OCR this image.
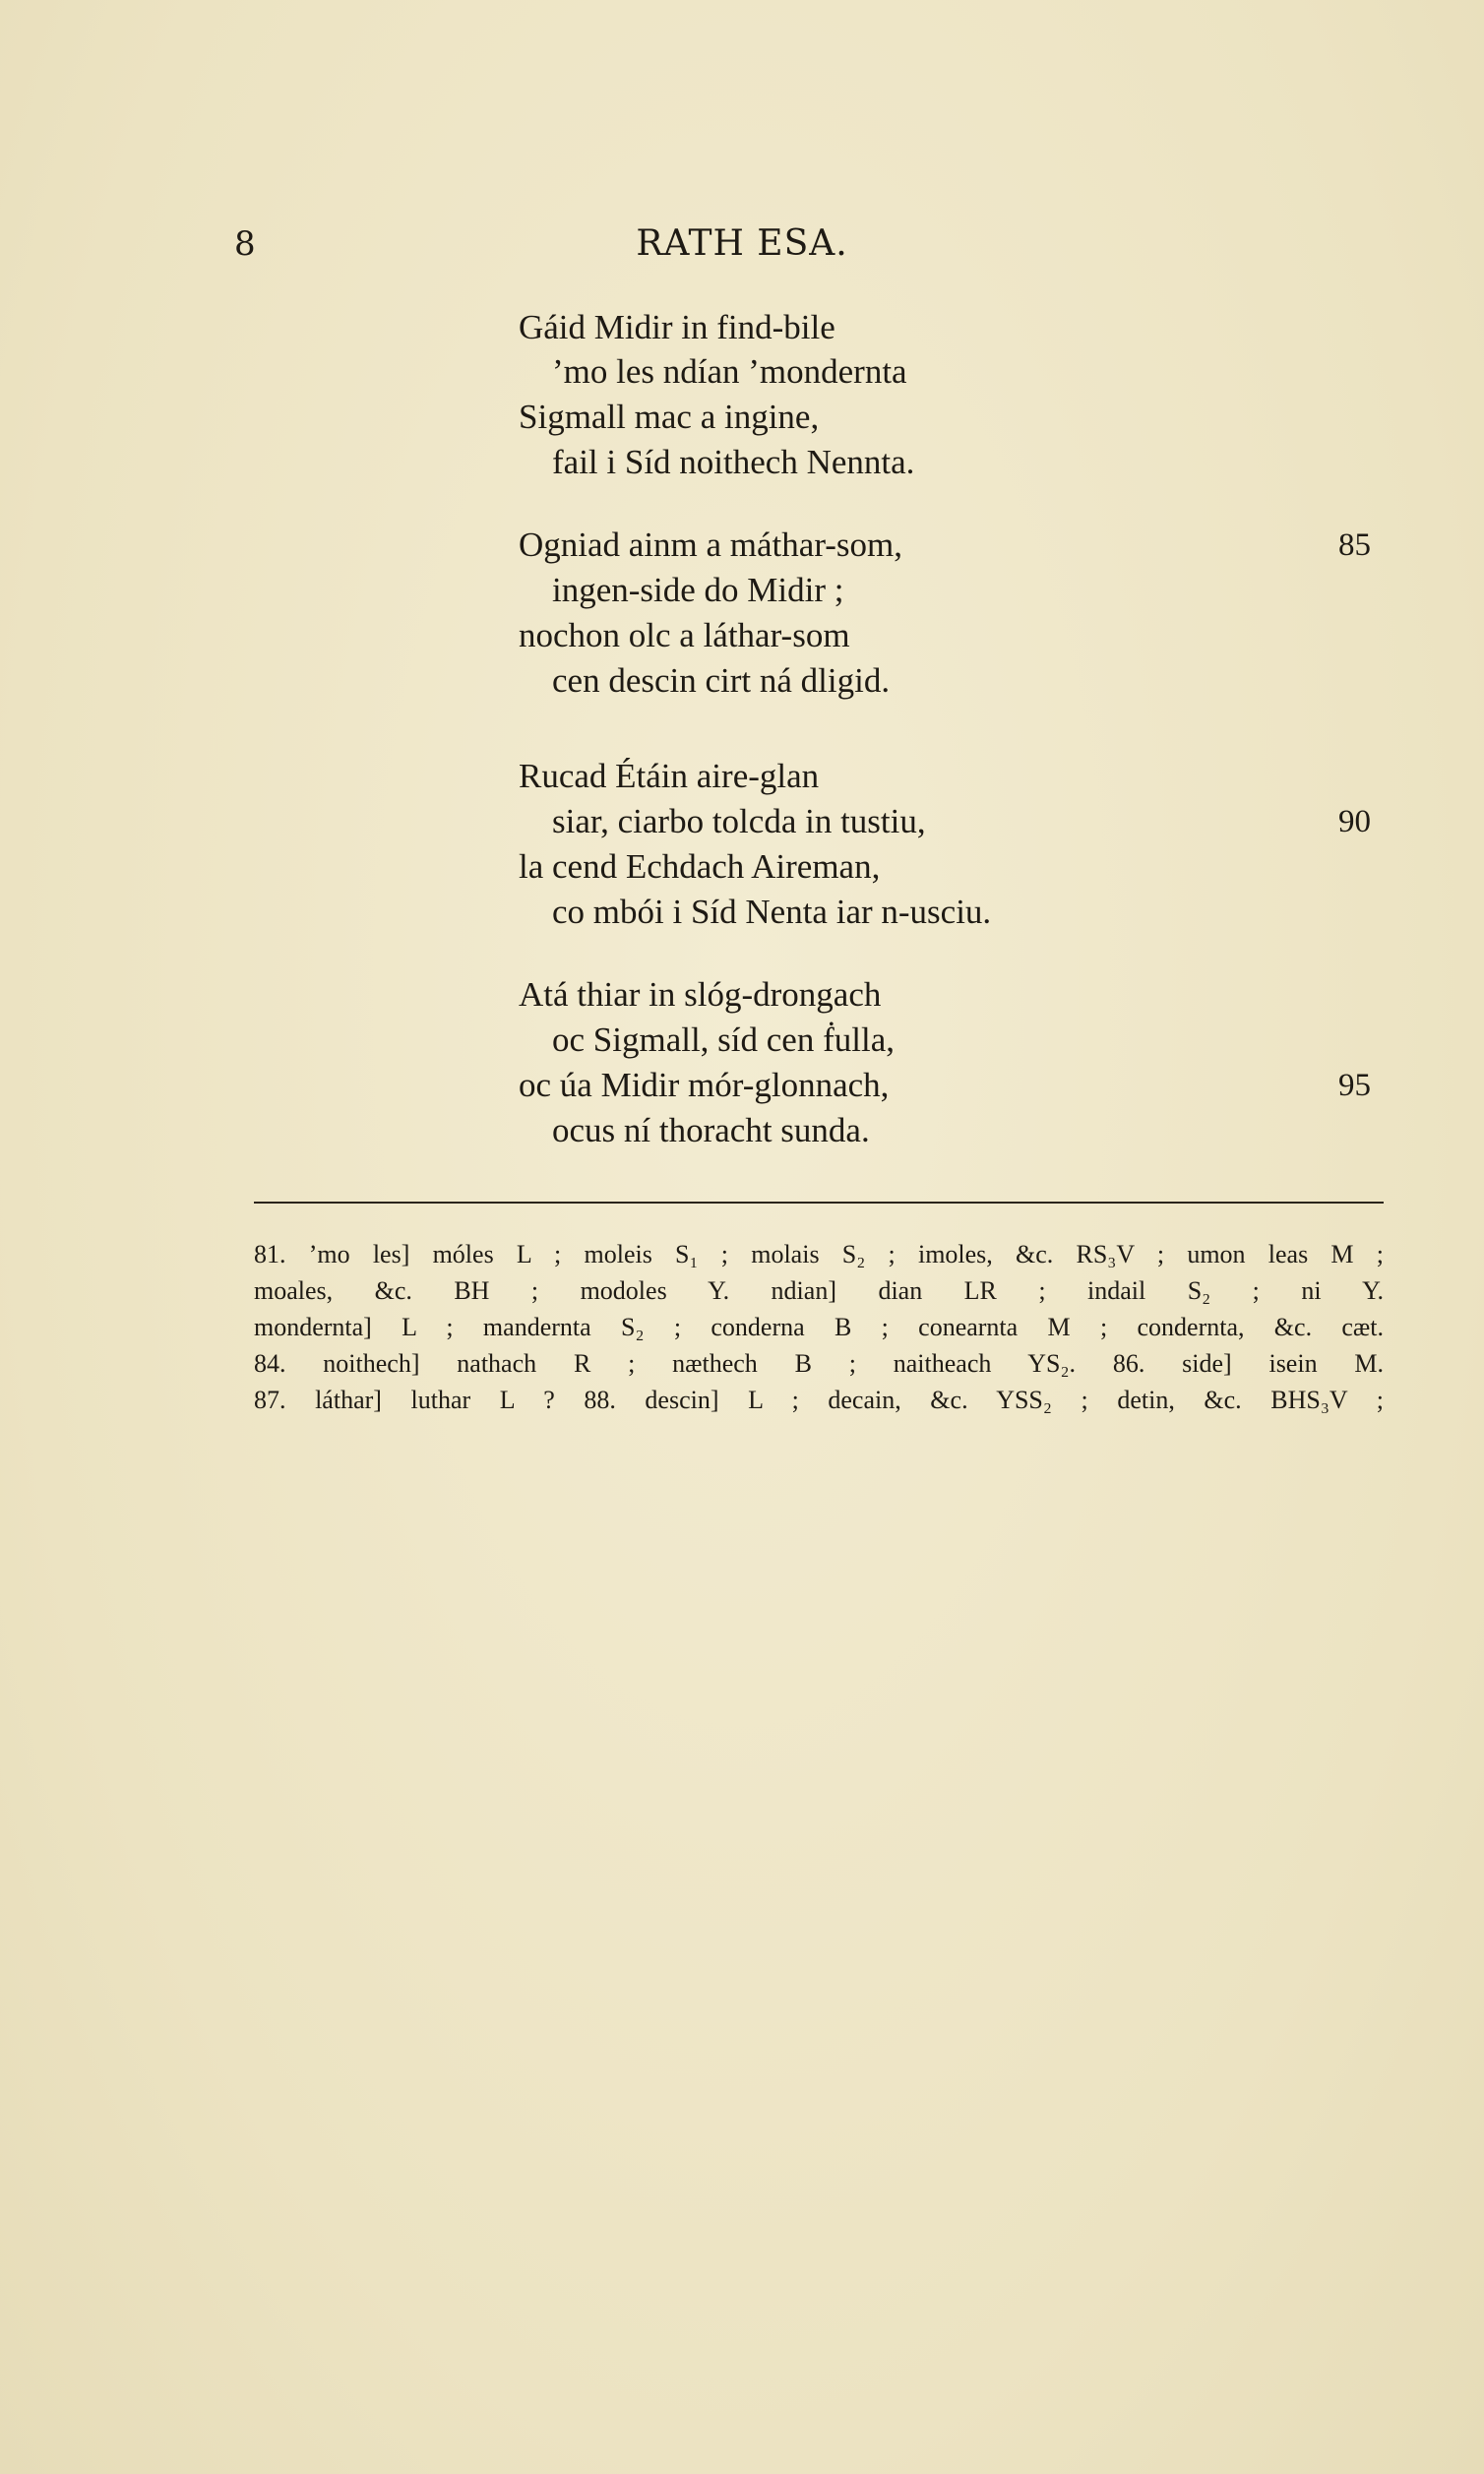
8	RATH ESA.
Gáid Midir in find-bile
’mo les ndían ’mondernta
Sigmall mac a ingine,
fail i Síd noithech Nennta.
Ogniad ainm a máthar-som,	85
ingen-side do Midir ;
nochon olc a láthar-som
cen descin cirt ná dligid.
Rucad Étáin aire-glan
siar, ciarbo tolcda in tustiu,	90
la cend Echdach Aireman,
co mbói i Síd Nenta iar n-usciu.
Atá thiar in slóg-drongach
oc Sigmall, síd cen ḟulla,
oc úa Midir mór-glonnach,	95
ocus ní thoracht sunda.
81. ’mo les] móles L ; moleis S₁ ; molais S₂ ; imoles, &c. RS₃V ; umon leas M ;
moales, &c. BH ; modoles Y. ndian] dian LR ; indail S₂ ; ni Y.
mondernta] L ; mandernta S₂ ; conderna B ; conearnta M ; condernta, &c. cæt.
84. noithech] nathach R ; næthech B ; naitheach YS₂. 86. side] isein M.
87. láthar] luthar L ? 88. descin] L ; decain, &c. YSS₂ ; detin, &c. BHS₃V ;
